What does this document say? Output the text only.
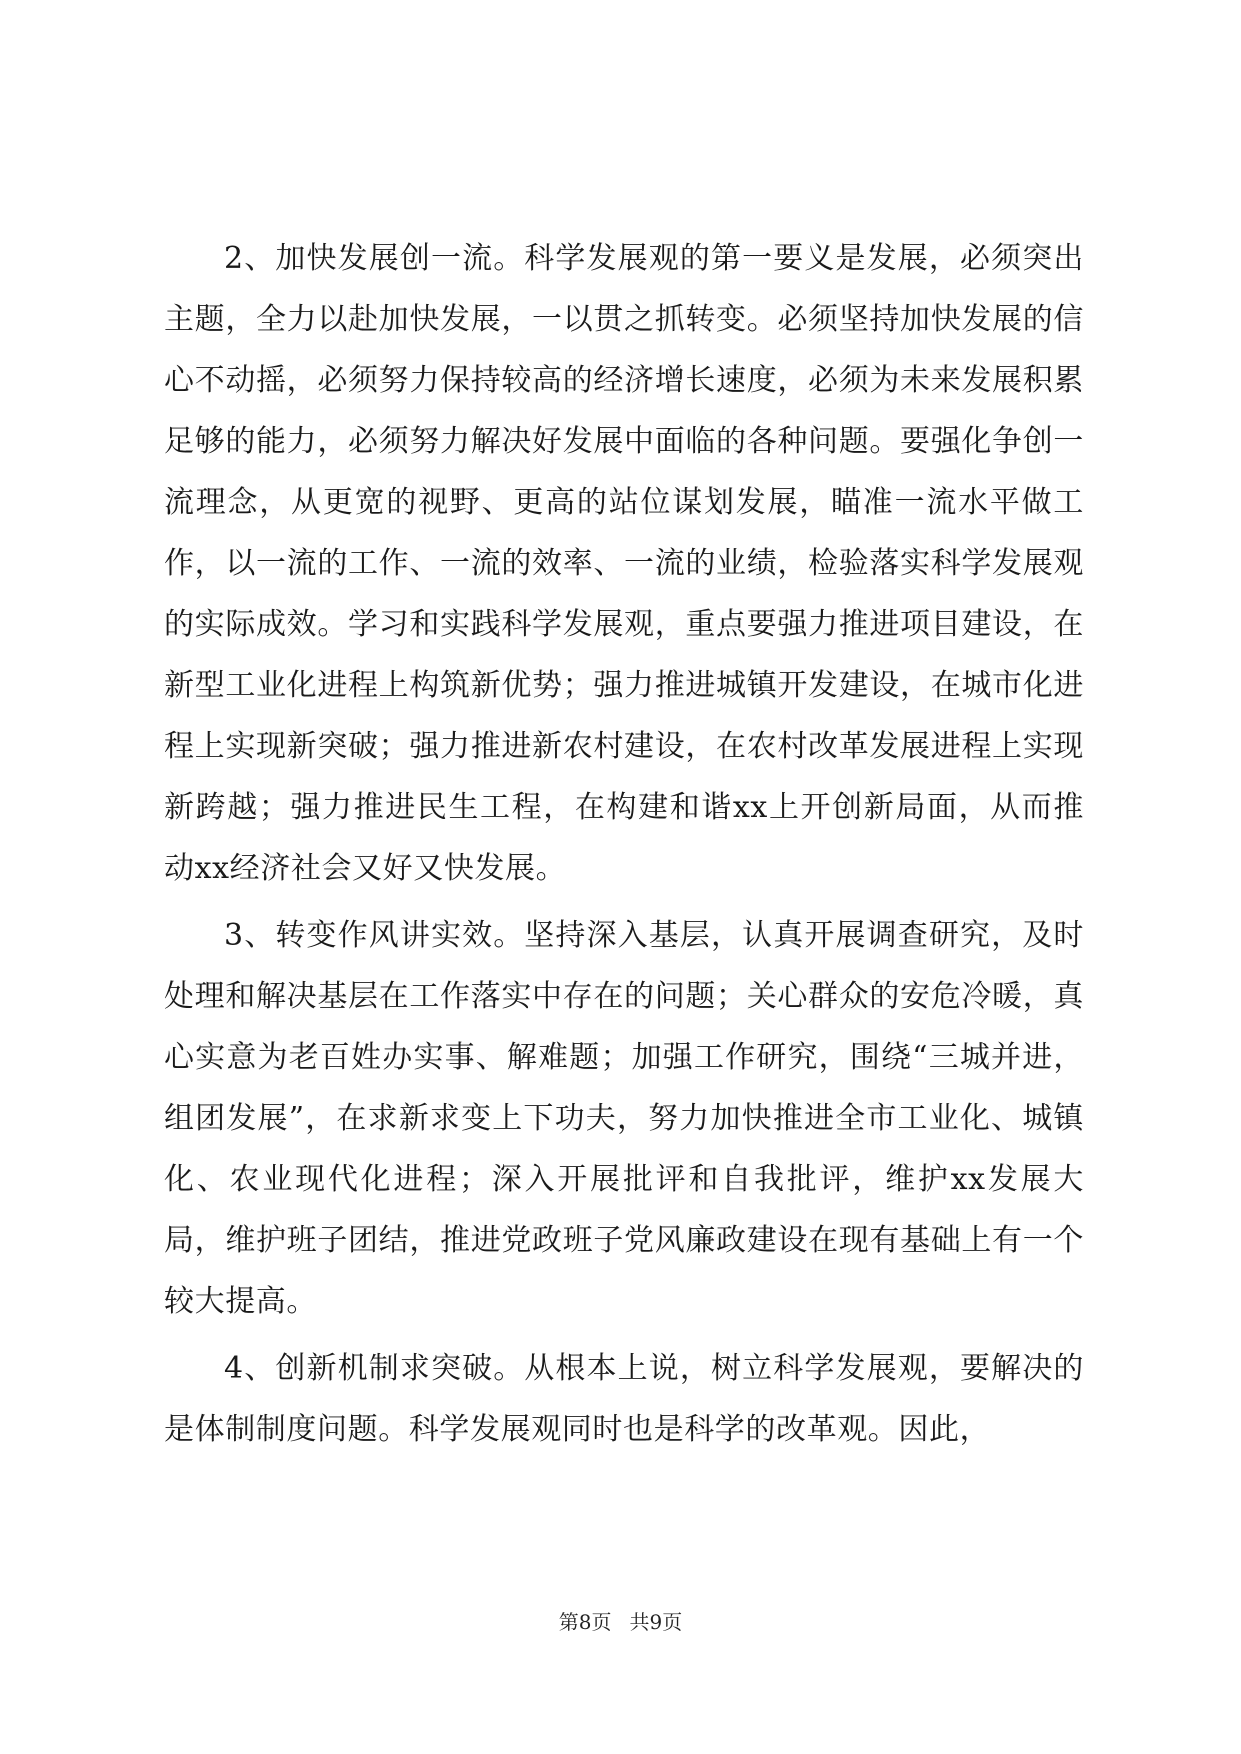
2、加快发展创一流。科学发展观的第一要义是发展，必须突出主题，全力以赴加快发展，一以贯之抓转变。必须坚持加快发展的信心不动摇，必须努力保持较高的经济增长速度，必须为未来发展积累足够的能力，必须努力解决好发展中面临的各种问题。要强化争创一流理念，从更宽的视野、更高的站位谋划发展，瞄准一流水平做工作，以一流的工作、一流的效率、一流的业绩，检验落实科学发展观的实际成效。学习和实践科学发展观，重点要强力推进项目建设，在新型工业化进程上构筑新优势；强力推进城镇开发建设，在城市化进程上实现新突破；强力推进新农村建设，在农村改革发展进程上实现新跨越；强力推进民生工程，在构建和谐xx上开创新局面，从而推动xx经济社会又好又快发展。

3、转变作风讲实效。坚持深入基层，认真开展调查研究，及时处理和解决基层在工作落实中存在的问题；关心群众的安危冷暖，真心实意为老百姓办实事、解难题；加强工作研究，围绕“三城并进，组团发展”，在求新求变上下功夫，努力加快推进全市工业化、城镇化、农业现代化进程；深入开展批评和自我批评，维护xx发展大局，维护班子团结，推进党政班子党风廉政建设在现有基础上有一个较大提高。

4、创新机制求突破。从根本上说，树立科学发展观，要解决的是体制制度问题。科学发展观同时也是科学的改革观。因此，

第8页 共9页
